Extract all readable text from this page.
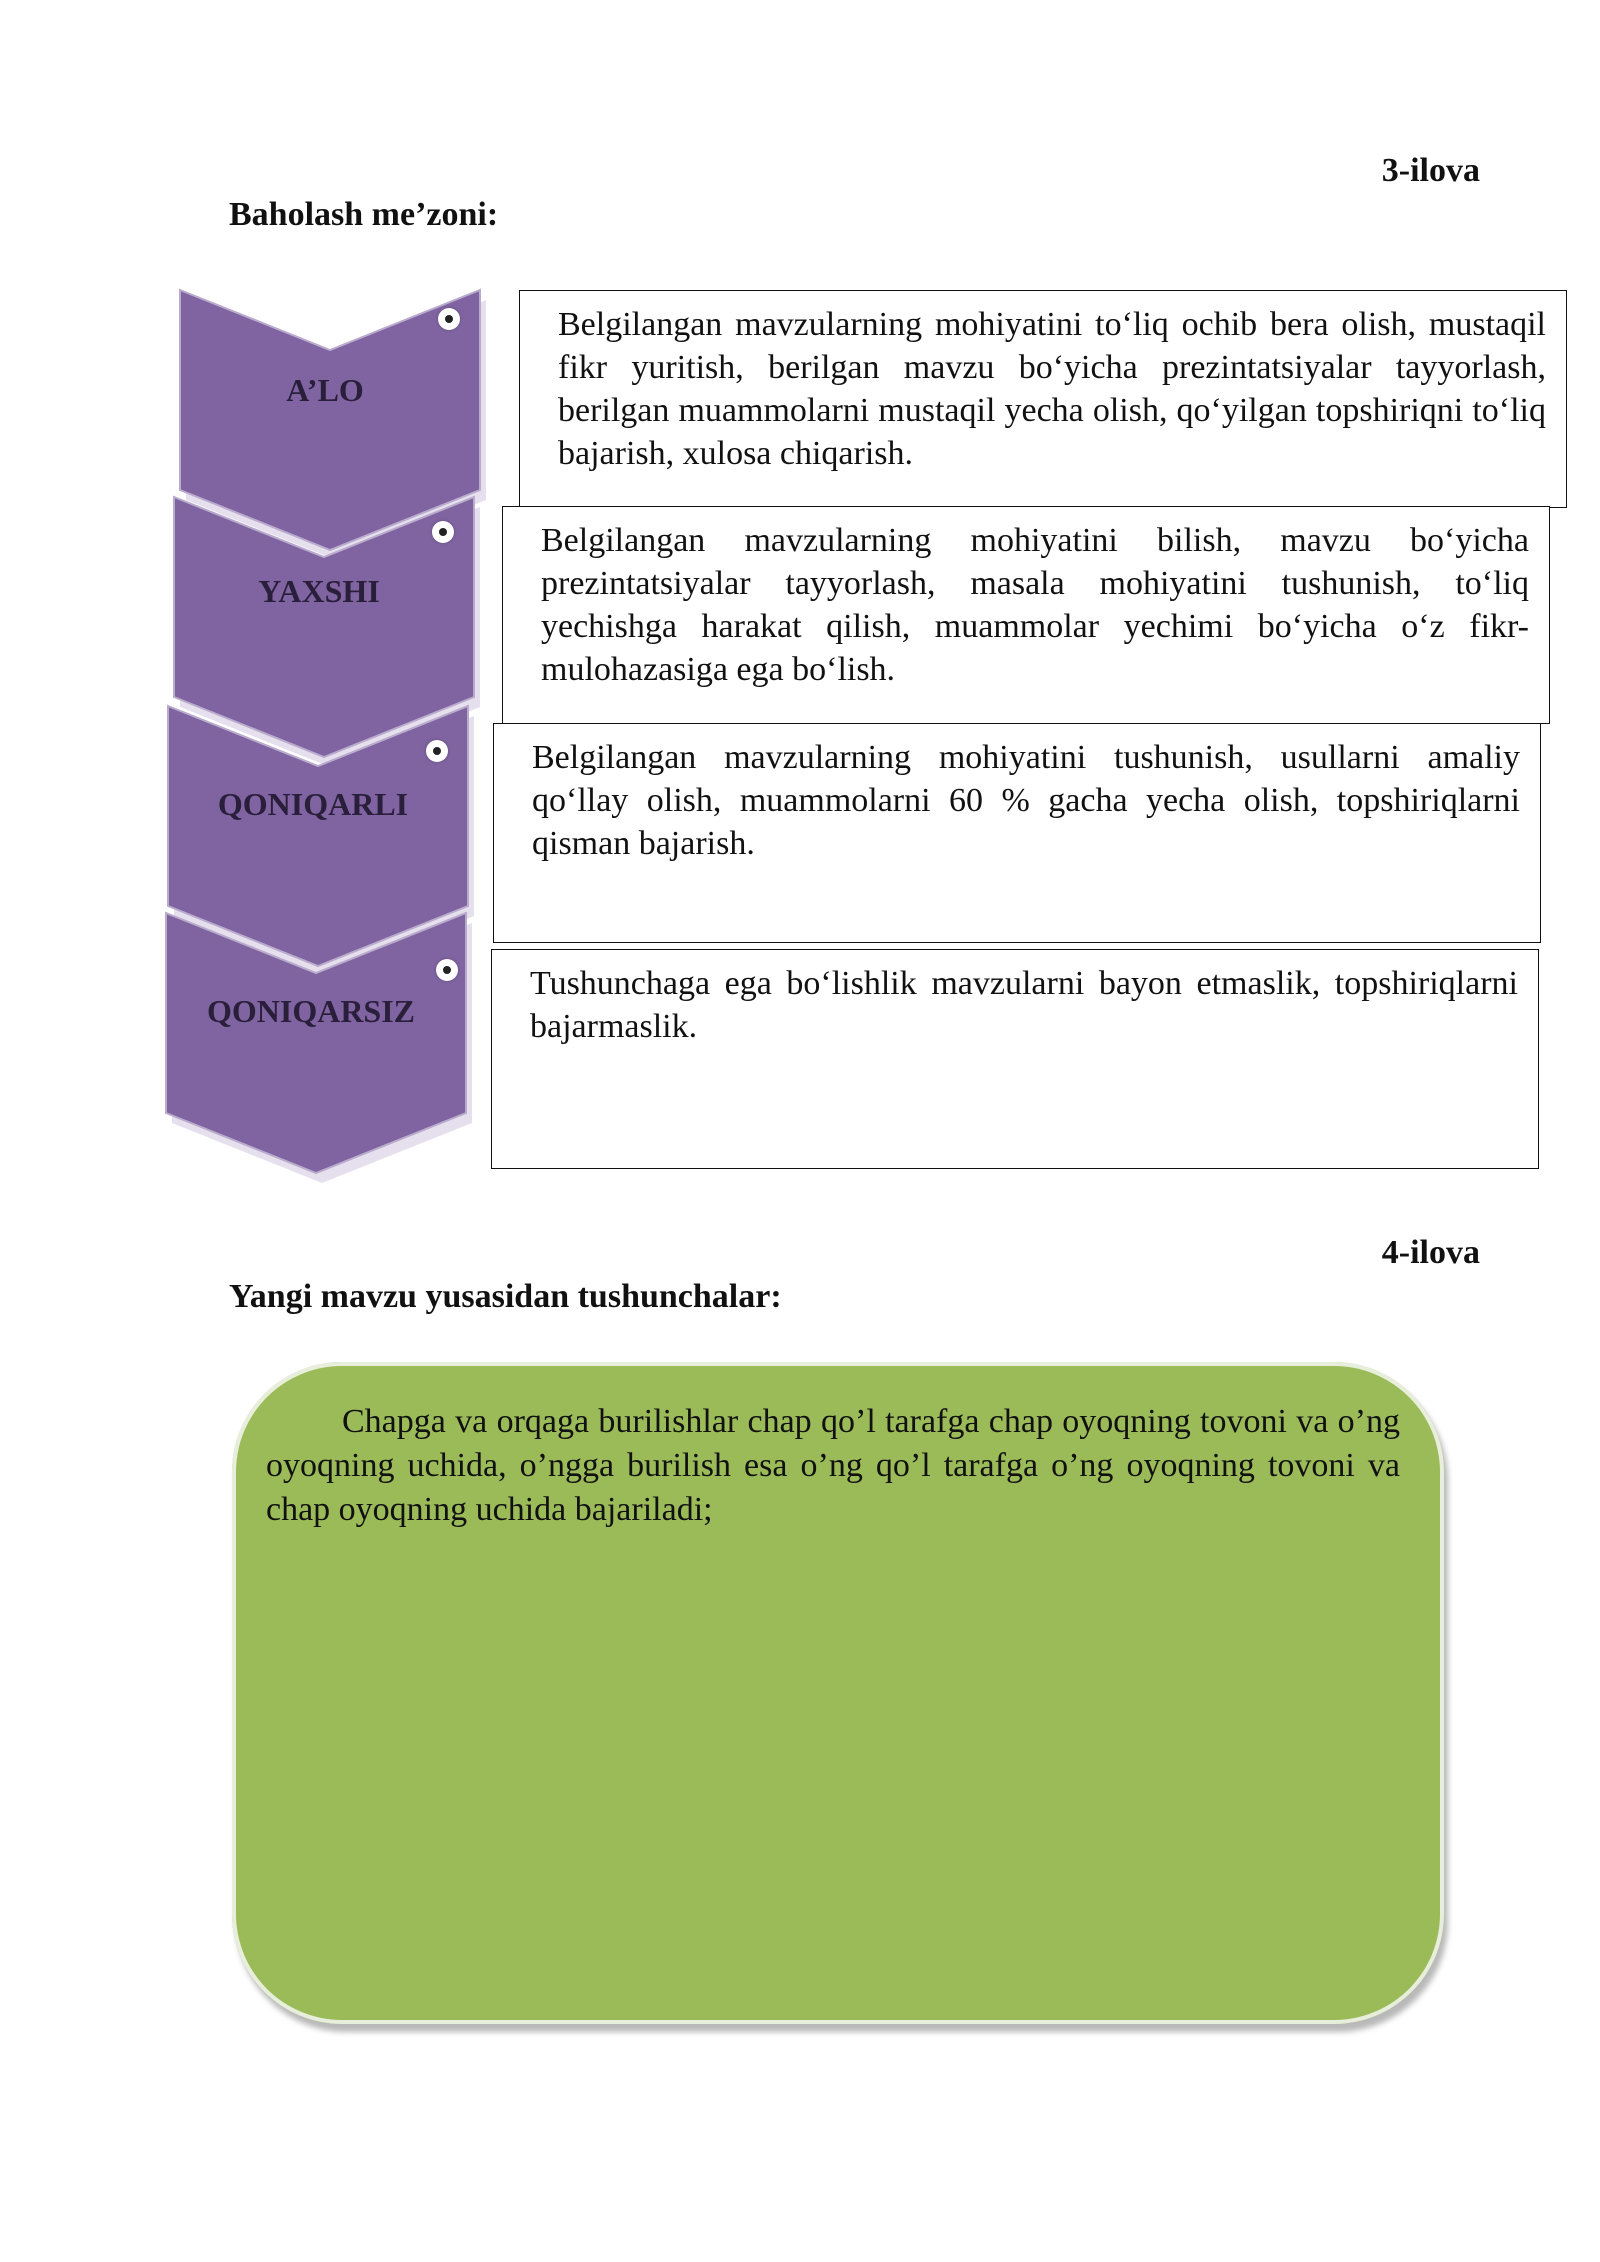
3-ilova
Baholash me’zoni:
A’LO
YAXSHI
QONIQARLI
QONIQARSIZ
Belgilangan mavzularning mohiyatini to‘liq ochib bera olish, mustaqil fikr yuritish, berilgan mavzu bo‘yicha prezintatsiyalar tayyorlash, berilgan muammolarni mustaqil yecha olish, qo‘yilgan topshiriqni to‘liq bajarish, xulosa chiqarish.
Belgilangan mavzularning mohiyatini bilish, mavzu bo‘yicha prezintatsiyalar tayyorlash, masala mohiyatini tushunish, to‘liq yechishga harakat qilish, muammolar yechimi bo‘yicha o‘z fikr-mulohazasiga ega bo‘lish.
Belgilangan mavzularning mohiyatini tushunish, usullarni amaliy qo‘llay olish, muammolarni 60 % gacha yecha olish, topshiriqlarni qisman bajarish.
Tushunchaga ega bo‘lishlik mavzularni bayon etmaslik, topshiriqlarni bajarmaslik.
4-ilova
Yangi mavzu yusasidan tushunchalar:
Chapga va orqaga burilishlar chap qo’l tarafga chap oyoqning tovoni va o’ng oyoqning uchida, o’ngga burilish esa o’ng qo’l tarafga o’ng oyoqning tovoni va chap oyoqning uchida bajariladi;
